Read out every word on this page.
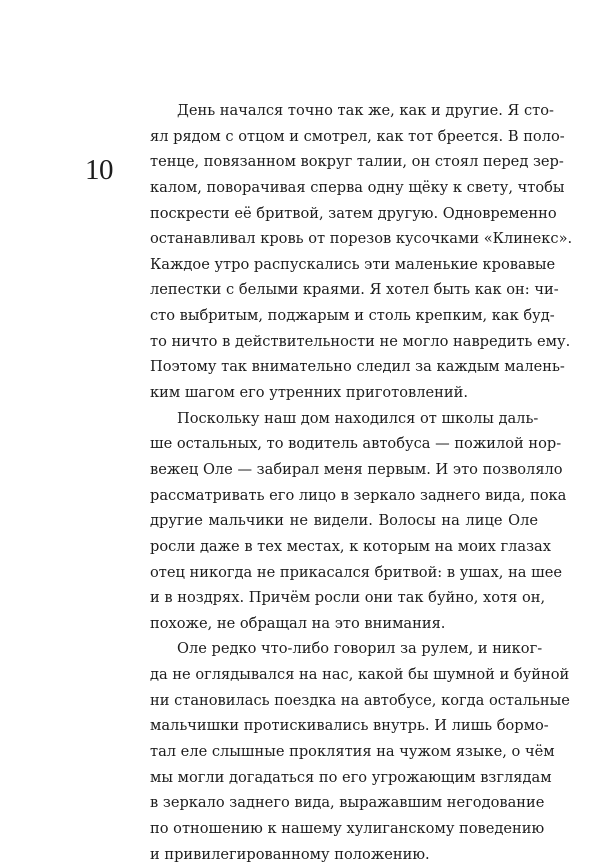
10
День начался точно так же, как и другие. Я сто-
ял рядом с отцом и смотрел, как тот бреется. В поло-
тенце, повязанном вокруг талии, он стоял перед зер-
калом, поворачивая сперва одну щёку к свету, чтобы
поскрести её бритвой, затем другую. Одновременно
останавливал кровь от порезов кусочками «Клинекс».
Каждое утро распускались эти маленькие кровавые
лепестки с белыми краями. Я хотел быть как он: чи-
сто выбритым, поджарым и столь крепким, как буд-
то ничто в действительности не могло навредить ему.
Поэтому так внимательно следил за каждым малень-
ким шагом его утренних приготовлений.
Поскольку наш дом находился от школы даль-
ше остальных, то водитель автобуса — пожилой нор-
вежец Оле — забирал меня первым. И это позволяло
рассматривать его лицо в зеркало заднего вида, пока
другие мальчики не видели. Волосы на лице Оле
росли даже в тех местах, к которым на моих глазах
отец никогда не прикасался бритвой: в ушах, на шее
и в ноздрях. Причём росли они так буйно, хотя он,
похоже, не обращал на это внимания.
Оле редко что-либо говорил за рулем, и никог-
да не оглядывался на нас, какой бы шумной и буйной
ни становилась поездка на автобусе, когда остальные
мальчишки протискивались внутрь. И лишь бормо-
тал еле слышные проклятия на чужом языке, о чём
мы могли догадаться по его угрожающим взглядам
в зеркало заднего вида, выражавшим негодование
по отношению к нашему хулиганскому поведению
и привилегированному положению.
